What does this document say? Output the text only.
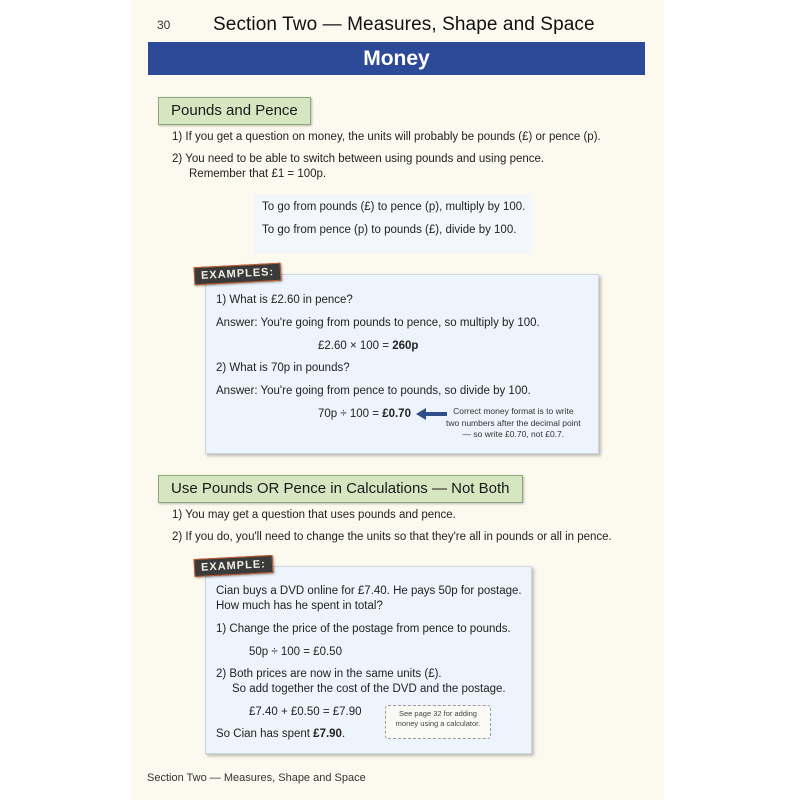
30 Section Two — Measures, Shape and Space
Money
Pounds and Pence
1) If you get a question on money, the units will probably be pounds (£) or pence (p).
2) You need to be able to switch between using pounds and using pence.
Remember that £1 = 100p.
To go from pounds (£) to pence (p), multiply by 100.
To go from pence (p) to pounds (£), divide by 100.
EXAMPLES:
1) What is £2.60 in pence?
Answer: You're going from pounds to pence, so multiply by 100.
£2.60 × 100 = 260p
2) What is 70p in pounds?
Answer: You're going from pence to pounds, so divide by 100.
70p ÷ 100 = £0.70	Correct money format is to write
two numbers after the decimal point
— so write £0.70, not £0.7.
Use Pounds OR Pence in Calculations — Not Both
1) You may get a question that uses pounds and pence.
2) If you do, you'll need to change the units so that they're all in pounds or all in pence.
EXAMPLE:
Cian buys a DVD online for £7.40. He pays 50p for postage.
How much has he spent in total?
1) Change the price of the postage from pence to pounds.
50p ÷ 100 = £0.50
2) Both prices are now in the same units (£).
So add together the cost of the DVD and the postage.
£7.40 + £0.50 = £7.90	See page 32 for adding
money using a calculator.
So Cian has spent £7.90.
Section Two — Measures, Shape and Space
